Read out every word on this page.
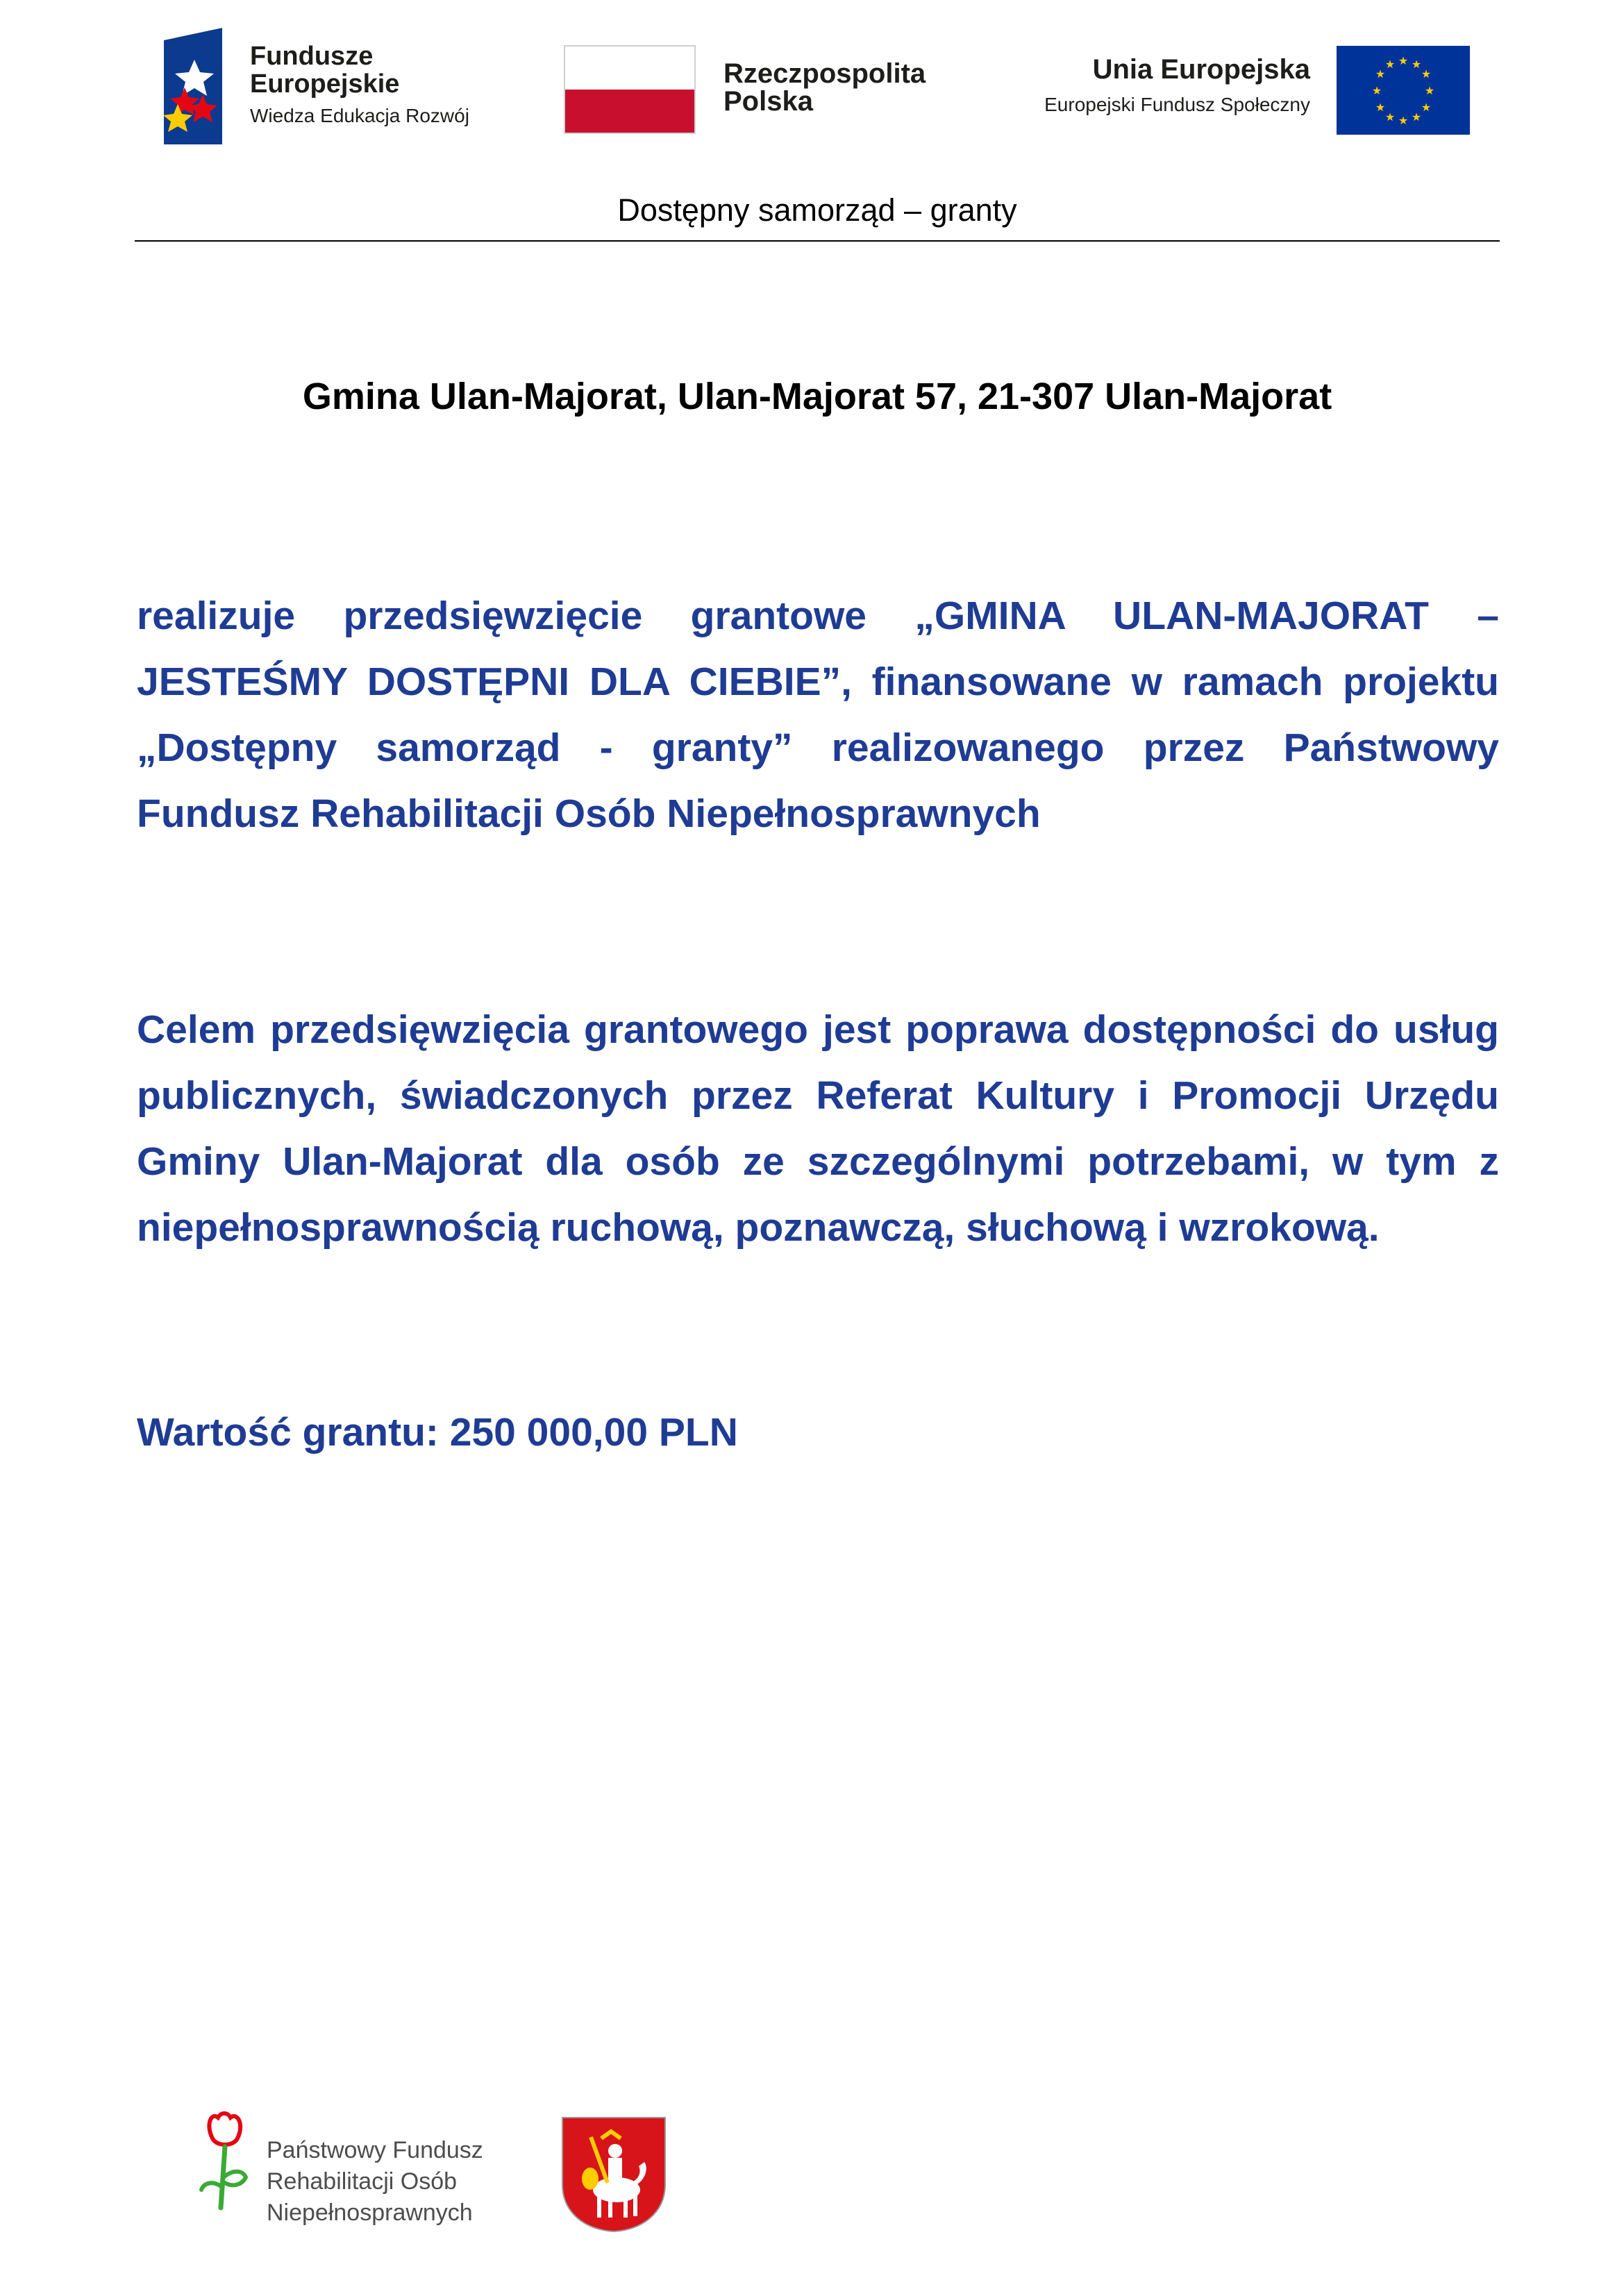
Fundusze
Europejskie
Wiedza Edukacja Rozwój
Rzeczpospolita
Polska
Unia Europejska
Europejski Fundusz Społeczny
★ ★
★
★
★
★
★
★
★
★
★
★
Dostępny samorząd – granty
Gmina Ulan-Majorat, Ulan-Majorat 57, 21-307 Ulan-Majorat

realizuje przedsięwzięcie grantowe „GMINA ULAN-MAJORAT – JESTEŚMY DOSTĘPNI DLA CIEBIE”, finansowane w ramach projektu „Dostępny samorząd - granty” realizowanego przez Państwowy Fundusz Rehabilitacji Osób Niepełnosprawnych

Celem przedsięwzięcia grantowego jest poprawa dostępności do usług publicznych, świadczonych przez Referat Kultury i Promocji Urzędu Gminy Ulan-Majorat dla osób ze szczególnymi potrzebami, w tym z niepełnosprawnością ruchową, poznawczą, słuchową i wzrokową.

Wartość grantu: 250 000,00 PLN
Państwowy Fundusz
Rehabilitacji Osób
Niepełnosprawnych
